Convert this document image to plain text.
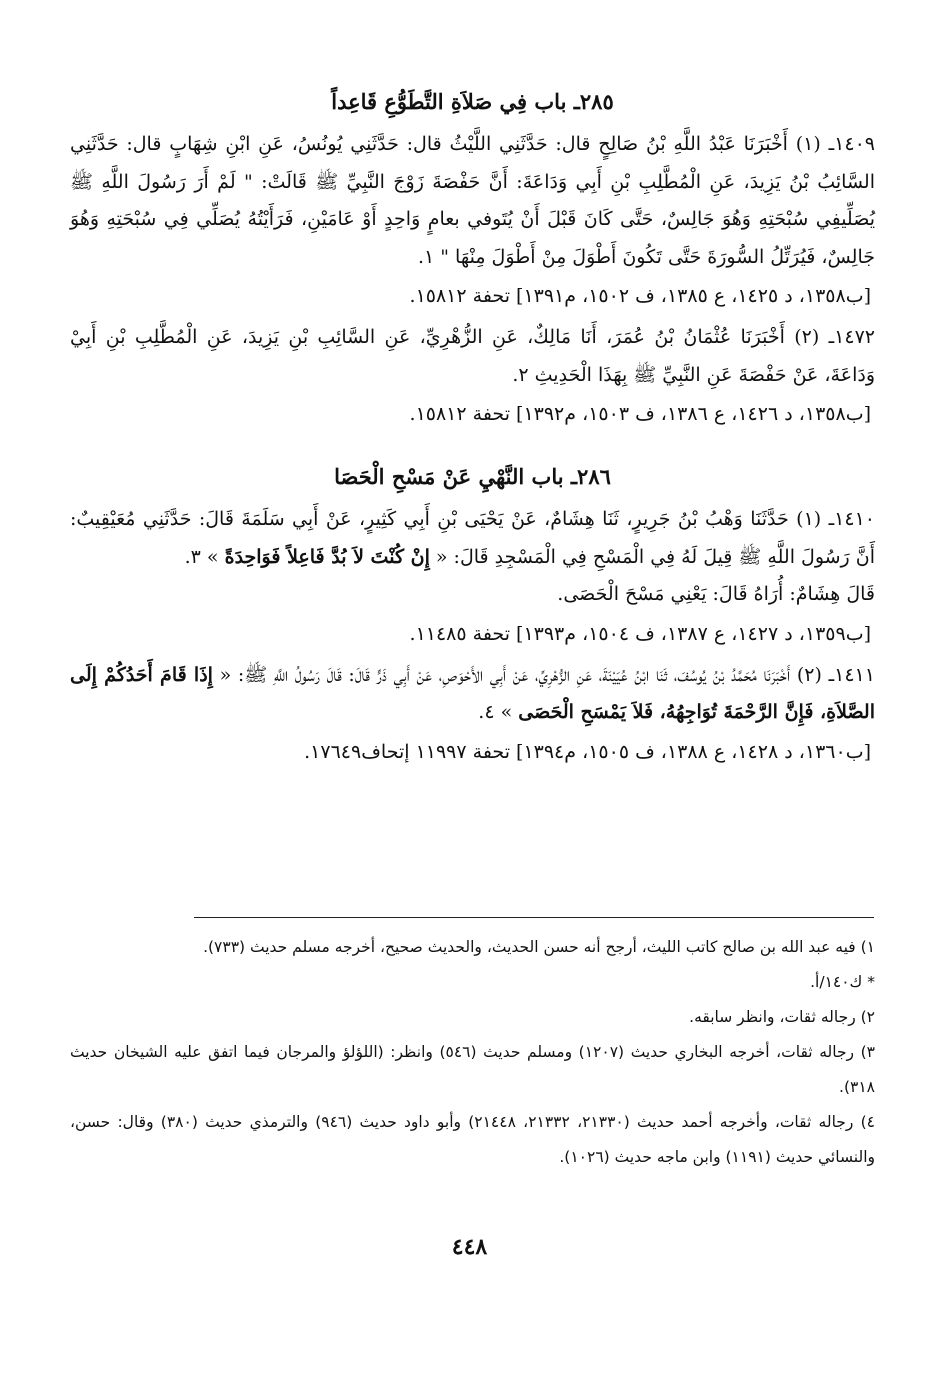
٢٨٥ـ باب فِي صَلاَةِ التَّطَوُّعِ قَاعِداً

١٤٠٩ـ (١) أَخْبَرَنَا عَبْدُ اللَّهِ بْنُ صَالِحٍ قال: حَدَّثَنِي اللَّيْثُ قال: حَدَّثَنِي يُونُسُ، عَنِ ابْنِ شِهَابٍ قال: حَدَّثَنِي السَّائِبُ بْنُ يَزِيدَ، عَنِ الْمُطَّلِبِ بْنِ أَبِي وَدَاعَةَ: أَنَّ حَفْصَةَ زَوْجَ النَّبِيِّ ﷺ قَالَتْ: " لَمْ أَرَ رَسُولَ اللَّهِ ﷺ يُصَلِّيفِي سُبْحَتِهِ وَهُوَ جَالِسٌ، حَتَّى كَانَ قَبْلَ أَنْ يُتَوفي بعامٍ وَاحِدٍ أَوْ عَامَيْنِ، فَرَأَيْتُهُ يُصَلِّي فِي سُبْحَتِهِ وَهُوَ جَالِسٌ، فَيُرَتِّلُ السُّورَةَ حَتَّى تَكُونَ أَطْوَلَ مِنْ أَطْوَلَ مِنْهَا " ١.

[ب١٣٥٨، د ١٤٢٥، ع ١٣٨٥، ف ١٥٠٢، م١٣٩١] تحفة ١٥٨١٢.

١٤٧٢ـ (٢) أَخْبَرَنَا عُثْمَانُ بْنُ عُمَرَ، أَنَا مَالِكٌ، عَنِ الزُّهْرِيِّ، عَنِ السَّائِبِ بْنِ يَزِيدَ، عَنِ الْمُطَّلِبِ بْنِ أَبِيْ وَدَاعَةَ، عَنْ حَفْصَةَ عَنِ النَّبِيِّ ﷺ بِهَذَا الْحَدِيثِ ٢.

[ب١٣٥٨، د ١٤٢٦، ع ١٣٨٦، ف ١٥٠٣، م١٣٩٢] تحفة ١٥٨١٢.
٢٨٦ـ باب النَّهْيِ عَنْ مَسْحِ الْحَصَا

١٤١٠ـ (١) حَدَّثَنَا وَهْبُ بْنُ جَرِيرٍ، ثَنَا هِشَامٌ، عَنْ يَحْيَى بْنِ أَبِي كَثِيرٍ، عَنْ أَبِي سَلَمَةَ قَالَ: حَدَّثَنِي مُعَيْقِيبٌ: أَنَّ رَسُولَ اللَّهِ ﷺ قِيلَ لَهُ فِي الْمَسْحِ فِي الْمَسْجِدِ قَالَ: « إِنْ كُنْتَ لاَ بُدَّ فَاعِلاً فَوَاحِدَةً » ٣.

قَالَ هِشَامٌ: أُرَاهُ قَالَ: يَعْنِي مَسْحَ الْحَصَى.

[ب١٣٥٩، د ١٤٢٧، ع ١٣٨٧، ف ١٥٠٤، م١٣٩٣] تحفة ١١٤٨٥.

١٤١١ـ (٢) أَخْبَرَنَا مُحَمَّدُ بْنُ يُوسُفَ، ثَنَا ابْنُ عُيَيْنَةَ، عَنِ الزُّهْرِيِّ، عَنْ أَبِي الأَحْوَصِ، عَنْ أَبِي ذَرٍّ قَالَ: قَالَ رَسُولُ اللَّهِ ﷺ: « إِذَا قَامَ أَحَدُكُمْ إِلَى الصَّلاَةِ، فَإِنَّ الرَّحْمَةَ تُوَاجِهُهُ، فَلاَ يَمْسَحِ الْحَصَى » ٤.

[ب١٣٦٠، د ١٤٢٨، ع ١٣٨٨، ف ١٥٠٥، م١٣٩٤] تحفة ١١٩٩٧ إتحاف١٧٦٤٩.

١) فيه عبد الله بن صالح كاتب الليث، أرجح أنه حسن الحديث، والحديث صحيح، أخرجه مسلم حديث (٧٣٣).

* ك١٤٠/أ.

٢) رجاله ثقات، وانظر سابقه.

٣) رجاله ثقات، أخرجه البخاري حديث (١٢٠٧) ومسلم حديث (٥٤٦) وانظر: (اللؤلؤ والمرجان فيما اتفق عليه الشيخان حديث ٣١٨).

٤) رجاله ثقات، وأخرجه أحمد حديث (٢١٣٣٠، ٢١٣٣٢، ٢١٤٤٨) وأبو داود حديث (٩٤٦) والترمذي حديث (٣٨٠) وقال: حسن، والنسائي حديث (١١٩١) وابن ماجه حديث (١٠٢٦).

٤٤٨
